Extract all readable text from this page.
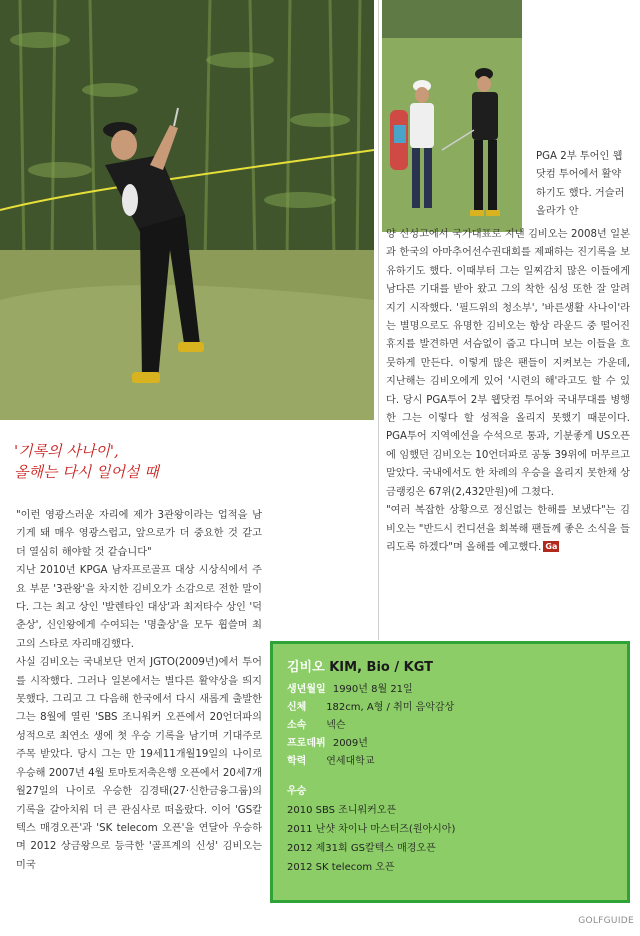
'기록의 사나이',
올해는 다시 일어설 때

"이런 영광스러운 자리에 제가 3관왕이라는 업적을 남기게 돼 매우 영광스럽고, 앞으로가 더 중요한 것 같고 더 열심히 해야할 것 같습니다"

지난 2010년 KPGA 남자프로골프 대상 시상식에서 주요 부문 '3관왕'을 차지한 김비오가 소감으로 전한 말이다. 그는 최고 상인 '발렌타인 대상'과 최저타수 상인 '덕춘상', 신인왕에게 수여되는 '명출상'을 모두 휩쓸며 최고의 스타로 자리매김했다.

사실 김비오는 국내보단 먼저 JGTO(2009년)에서 투어를 시작했다. 그러나 일본에서는 별다른 활약상을 띄지 못했다. 그리고 그 다음해 한국에서 다시 새롭게 출발한 그는 8월에 열린 'SBS 조니워커 오픈에서 20언더파의 성적으로 최연소 생에 첫 우승 기록을 남기며 기대주로 주목 받았다. 당시 그는 만 19세11개월19일의 나이로 우승해 2007년 4월 토마토저축은행 오픈에서 20세7개월27일의 나이로 우승한 김경태(27·신한금융그룹)의 기록을 갈아치워 더 큰 관심사로 떠올랐다. 이어 'GS칼텍스 매경오픈'과 'SK telecom 오픈'을 연달아 우승하며 2012 상금왕으로 등극한 '골프계의 신성' 김비오는 미국

PGA 2부 투어인 웹닷컴 투어에서 활약하기도 했다. 거슬러 올라가 안

양 신성고에서 국가대표로 지낸 김비오는 2008년 일본과 한국의 아마추어선수권대회를 제패하는 진기록을 보유하기도 했다. 이때부터 그는 일찌감치 많은 이들에게 남다른 기대를 받아 왔고 그의 착한 심성 또한 잘 알려지기 시작했다. '필드위의 청소부', '바른생활 사나이'라는 별명으로도 유명한 김비오는 항상 라운드 중 떨어진 휴지를 발견하면 서슴없이 줍고 다니며 보는 이들을 흐뭇하게 만든다. 이렇게 많은 팬들이 지켜보는 가운데, 지난해는 김비오에게 있어 '시련의 해'라고도 할 수 있다. 당시 PGA투어 2부 웹닷컴 투어와 국내무대를 병행한 그는 이렇다 할 성적을 올리지 못했기 때문이다. PGA투어 지역예선을 수석으로 통과, 기분좋게 US오픈에 임했던 김비오는 10언더파로 공동 39위에 머무르고 말았다. 국내에서도 한 차례의 우승을 올리지 못한채 상금랭킹은 67위(2,432만원)에 그쳤다.

"여러 복잡한 상황으로 정신없는 한해를 보냈다"는 김비오는 "반드시 컨디션을 회복해 팬들께 좋은 소식을 들리도록 하겠다"며 올해를 예고했다. Ga

김비오 KIM, Bio / KGT
생년월일 1990년 8월 21일
신체 182cm, A형 / 취미 음악감상
소속 넥슨
프로데뷔 2009년
학력 연세대학교
우승
2010 SBS 조니워커오픈
2011 난샷 차이나 마스터즈(원아시아)
2012 제31회 GS칼텍스 매경오픈
2012 SK telecom 오픈
GOLFGUIDE
